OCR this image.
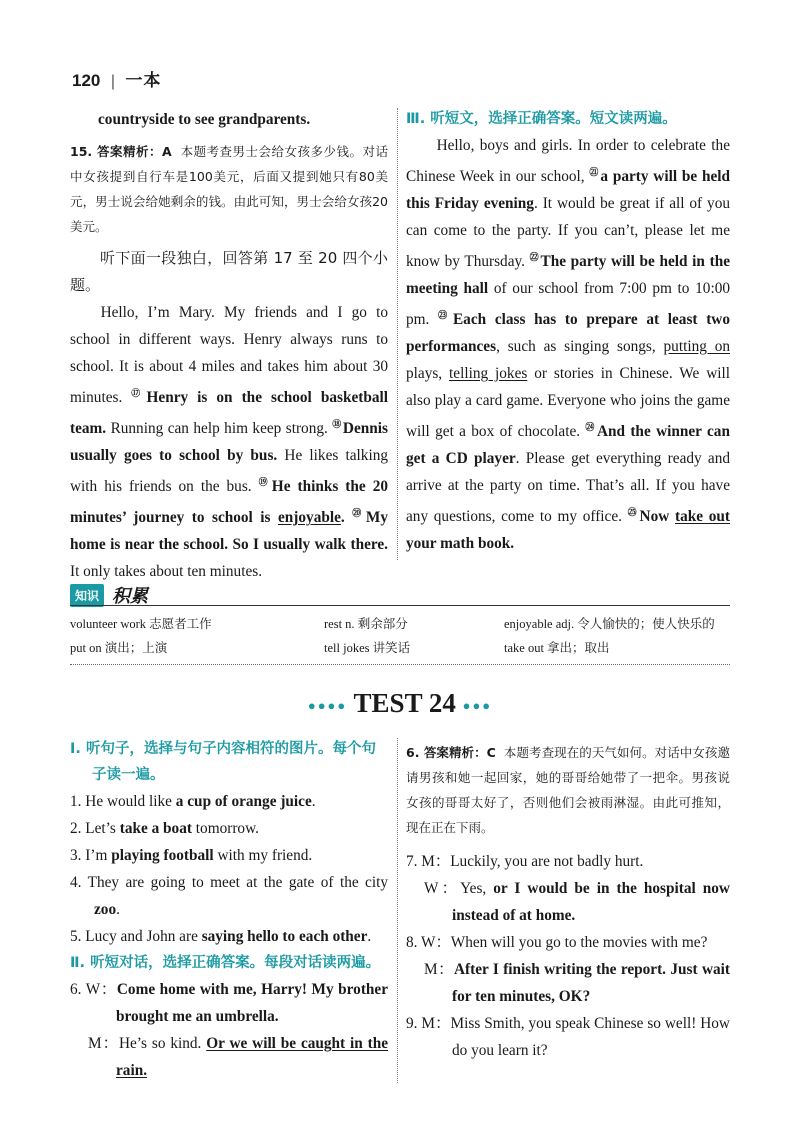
120 | 一本

countryside to see grandparents.

15. 答案精析：A 本题考查男士会给女孩多少钱。对话中女孩提到自行车是100美元，后面又提到她只有80美元，男士说会给她剩余的钱。由此可知，男士会给女孩20美元。

听下面一段独白，回答第 17 至 20 四个小题。

Hello, I’m Mary. My friends and I go to school in different ways. Henry always runs to school. It is about 4 miles and takes him about 30 minutes. ⑰Henry is on the school basketball team. Running can help him keep strong. ⑱Dennis usually goes to school by bus. He likes talking with his friends on the bus. ⑲He thinks the 20 minutes’ journey to school is enjoyable. ⑳My home is near the school. So I usually walk there. It only takes about ten minutes.

Ⅲ. 听短文，选择正确答案。短文读两遍。

Hello, boys and girls. In order to celebrate the Chinese Week in our school, $^㉑$a party will be held this Friday evening. It would be great if all of you can come to the party. If you can’t, please let me know by Thursday. $^㉒$The party will be held in the meeting hall of our school from 7:00 pm to 10:00 pm. $^㉓$Each class has to prepare at least two performances, such as singing songs, putting on plays, telling jokes or stories in Chinese. We will also play a card game. Everyone who joins the game will get a box of chocolate. $^㉔$And the winner can get a CD player. Please get everything ready and arrive at the party on time. That’s all. If you have any questions, come to my office. $^㉕$Now take out your math book.

知识 积累
volunteer work 志愿者工作	rest n. 剩余部分	enjoyable adj. 令人愉快的；使人快乐的
put on 演出；上演	tell jokes 讲笑话	take out 拿出；取出
●●●● TEST 24 ●●●

Ⅰ. 听句子，选择与句子内容相符的图片。每个句子读一遍。

1. He would like a cup of orange juice.

2. Let’s take a boat tomorrow.

3. I’m playing football with my friend.

4. They are going to meet at the gate of the city zoo.

5. Lucy and John are saying hello to each other.

Ⅱ. 听短对话，选择正确答案。每段对话读两遍。

6. W：Come home with me, Harry! My brother brought me an umbrella.

M：He’s so kind. Or we will be caught in the rain.

6. 答案精析：C 本题考查现在的天气如何。对话中女孩邀请男孩和她一起回家，她的哥哥给她带了一把伞。男孩说女孩的哥哥太好了，否则他们会被雨淋湿。由此可推知，现在正在下雨。

7. M：Luckily, you are not badly hurt.

W：Yes, or I would be in the hospital now instead of at home.

8. W：When will you go to the movies with me?

M：After I finish writing the report. Just wait for ten minutes, OK?

9. M：Miss Smith, you speak Chinese so well! How do you learn it?
